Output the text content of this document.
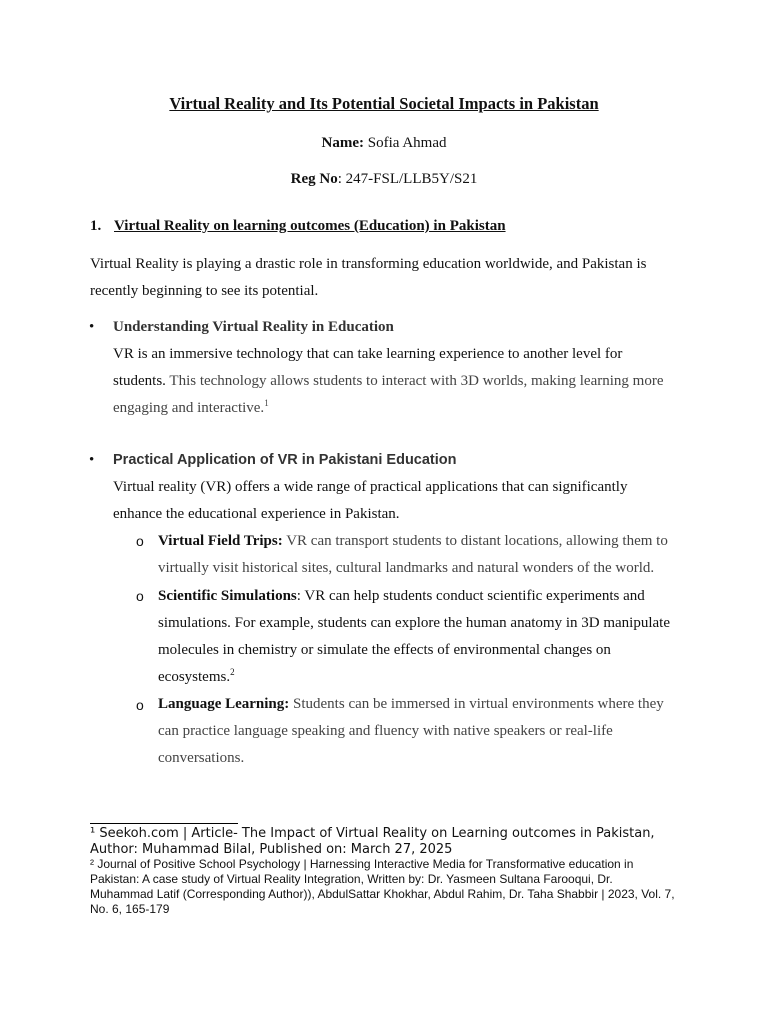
Virtual Reality and Its Potential Societal Impacts in Pakistan
Name: Sofia Ahmad
Reg No: 247-FSL/LLB5Y/S21
1. Virtual Reality on learning outcomes (Education) in Pakistan
Virtual Reality is playing a drastic role in transforming education worldwide, and Pakistan is
recently beginning to see its potential.
• Understanding Virtual Reality in Education
VR is an immersive technology that can take learning experience to another level for
students. This technology allows students to interact with 3D worlds, making learning more
engaging and interactive.$^1$
• Practical Application of VR in Pakistani Education
Virtual reality (VR) offers a wide range of practical applications that can significantly
enhance the educational experience in Pakistan.
o Virtual Field Trips: VR can transport students to distant locations, allowing them to
virtually visit historical sites, cultural landmarks and natural wonders of the world.
o Scientific Simulations: VR can help students conduct scientific experiments and
simulations. For example, students can explore the human anatomy in 3D manipulate
molecules in chemistry or simulate the effects of environmental changes on
ecosystems.$^2$
o Language Learning: Students can be immersed in virtual environments where they
can practice language speaking and fluency with native speakers or real-life
conversations.
¹ Seekoh.com | Article- The Impact of Virtual Reality on Learning outcomes in Pakistan,
Author: Muhammad Bilal, Published on: March 27, 2025
² Journal of Positive School Psychology | Harnessing Interactive Media for Transformative education in
Pakistan: A case study of Virtual Reality Integration, Written by: Dr. Yasmeen Sultana Farooqui, Dr.
Muhammad Latif (Corresponding Author)), AbdulSattar Khokhar, Abdul Rahim, Dr. Taha Shabbir | 2023, Vol. 7,
No. 6, 165-179
